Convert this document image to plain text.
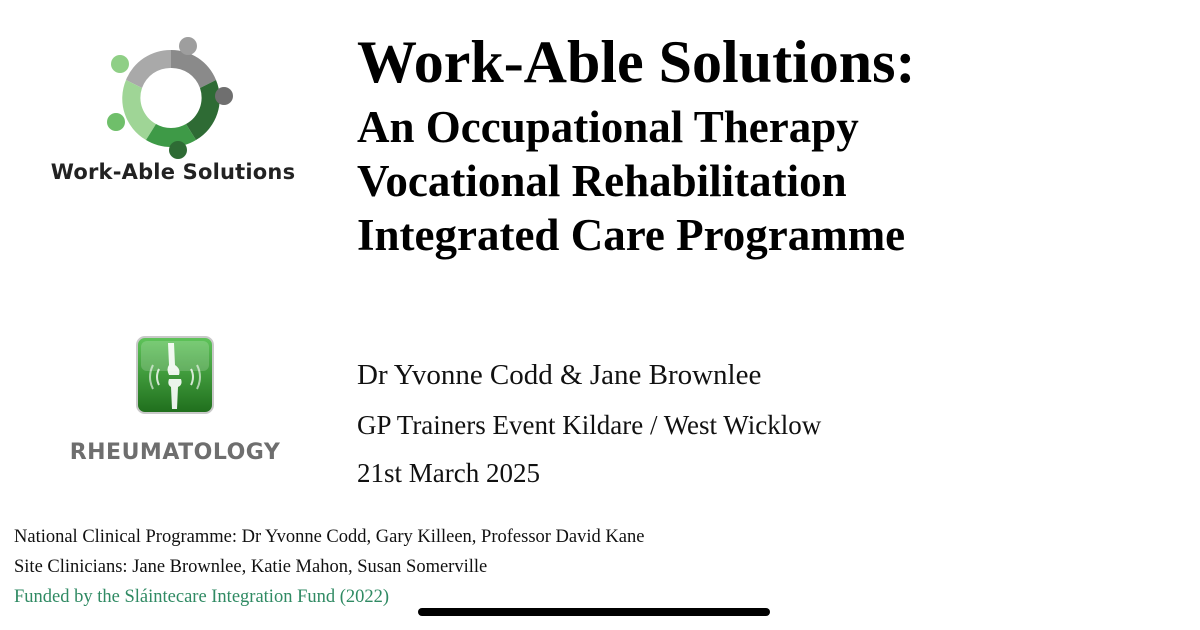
Work-Able Solutions
Work-Able Solutions:
An Occupational Therapy
Vocational Rehabilitation
Integrated Care Programme
RHEUMATOLOGY
Dr Yvonne Codd & Jane Brownlee
GP Trainers Event Kildare / West Wicklow
21st March 2025
National Clinical Programme: Dr Yvonne Codd, Gary Killeen, Professor David Kane
Site Clinicians: Jane Brownlee, Katie Mahon, Susan Somerville
Funded by the Sláintecare Integration Fund (2022)
